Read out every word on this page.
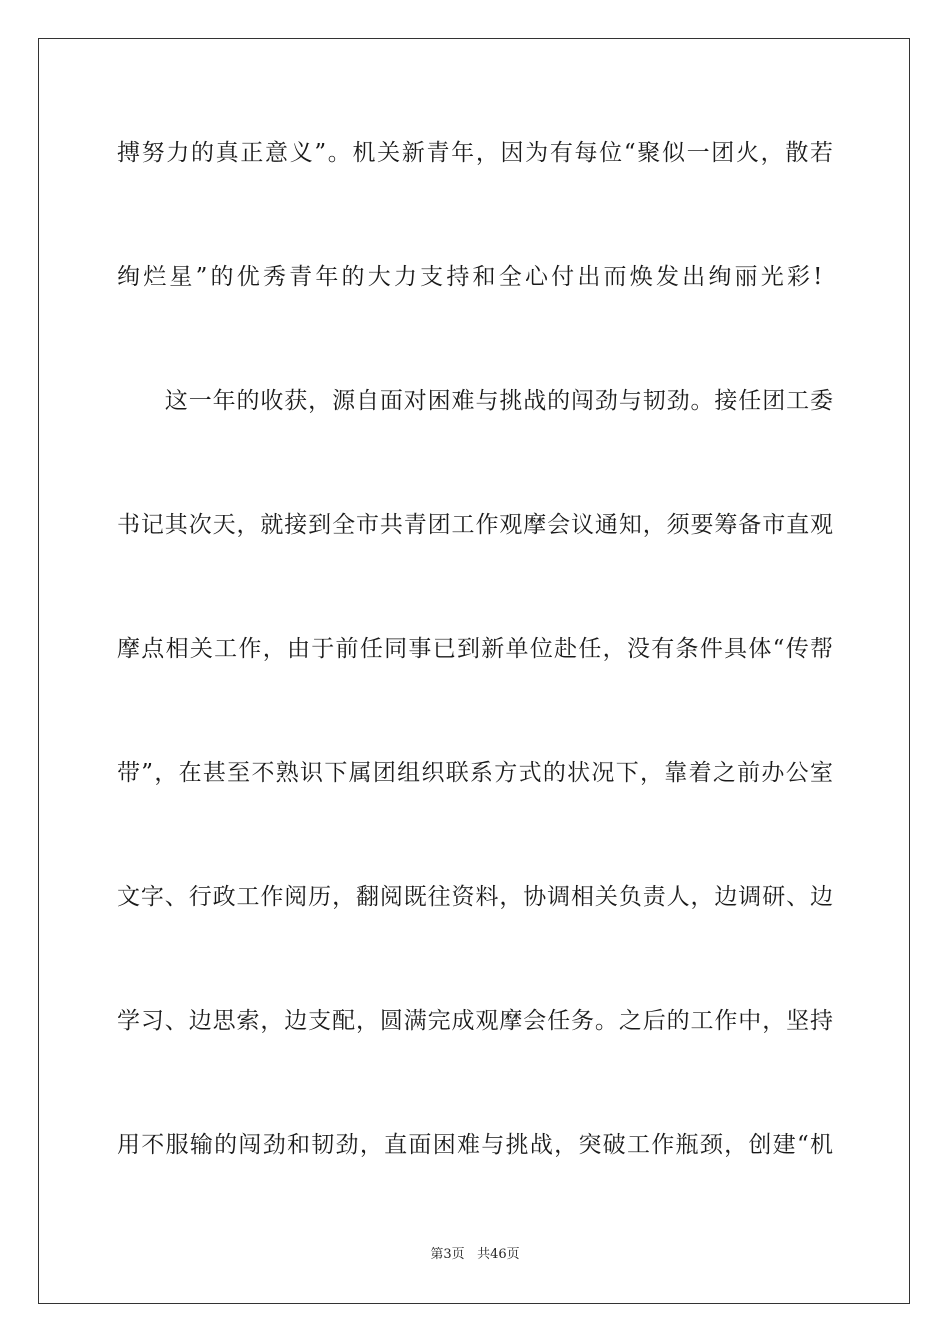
搏努力的真正意义”。机关新青年，因为有每位“聚似一团火，散若
绚烂星”的优秀青年的大力支持和全心付出而焕发出绚丽光彩!
　　这一年的收获，源自面对困难与挑战的闯劲与韧劲。接任团工委
书记其次天，就接到全市共青团工作观摩会议通知，须要筹备市直观
摩点相关工作，由于前任同事已到新单位赴任，没有条件具体“传帮
带”，在甚至不熟识下属团组织联系方式的状况下，靠着之前办公室
文字、行政工作阅历，翻阅既往资料，协调相关负责人，边调研、边
学习、边思索，边支配，圆满完成观摩会任务。之后的工作中，坚持
用不服输的闯劲和韧劲，直面困难与挑战，突破工作瓶颈，创建“机
第3页 共46页
